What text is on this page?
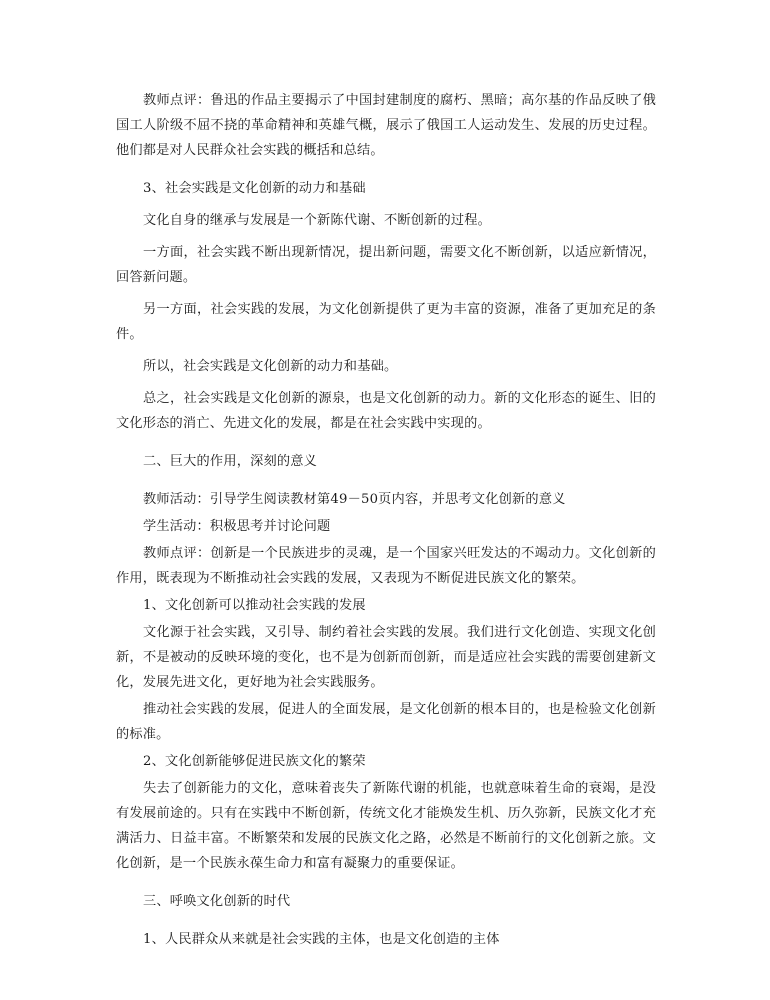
教师点评：鲁迅的作品主要揭示了中国封建制度的腐朽、黑暗；高尔基的作品反映了俄国工人阶级不屈不挠的革命精神和英雄气概，展示了俄国工人运动发生、发展的历史过程。他们都是对人民群众社会实践的概括和总结。

3、社会实践是文化创新的动力和基础

文化自身的继承与发展是一个新陈代谢、不断创新的过程。

一方面，社会实践不断出现新情况，提出新问题，需要文化不断创新，以适应新情况，回答新问题。

另一方面，社会实践的发展，为文化创新提供了更为丰富的资源，准备了更加充足的条件。

所以，社会实践是文化创新的动力和基础。

总之，社会实践是文化创新的源泉，也是文化创新的动力。新的文化形态的诞生、旧的文化形态的消亡、先进文化的发展，都是在社会实践中实现的。

二、巨大的作用，深刻的意义

教师活动：引导学生阅读教材第49－50页内容，并思考文化创新的意义

学生活动：积极思考并讨论问题

教师点评：创新是一个民族进步的灵魂，是一个国家兴旺发达的不竭动力。文化创新的作用，既表现为不断推动社会实践的发展，又表现为不断促进民族文化的繁荣。

1、文化创新可以推动社会实践的发展

文化源于社会实践，又引导、制约着社会实践的发展。我们进行文化创造、实现文化创新，不是被动的反映环境的变化，也不是为创新而创新，而是适应社会实践的需要创建新文化，发展先进文化，更好地为社会实践服务。

推动社会实践的发展，促进人的全面发展，是文化创新的根本目的，也是检验文化创新的标准。

2、文化创新能够促进民族文化的繁荣

失去了创新能力的文化，意味着丧失了新陈代谢的机能，也就意味着生命的衰竭，是没有发展前途的。只有在实践中不断创新，传统文化才能焕发生机、历久弥新，民族文化才充满活力、日益丰富。不断繁荣和发展的民族文化之路，必然是不断前行的文化创新之旅。文化创新，是一个民族永葆生命力和富有凝聚力的重要保证。

三、呼唤文化创新的时代

1、人民群众从来就是社会实践的主体，也是文化创造的主体
